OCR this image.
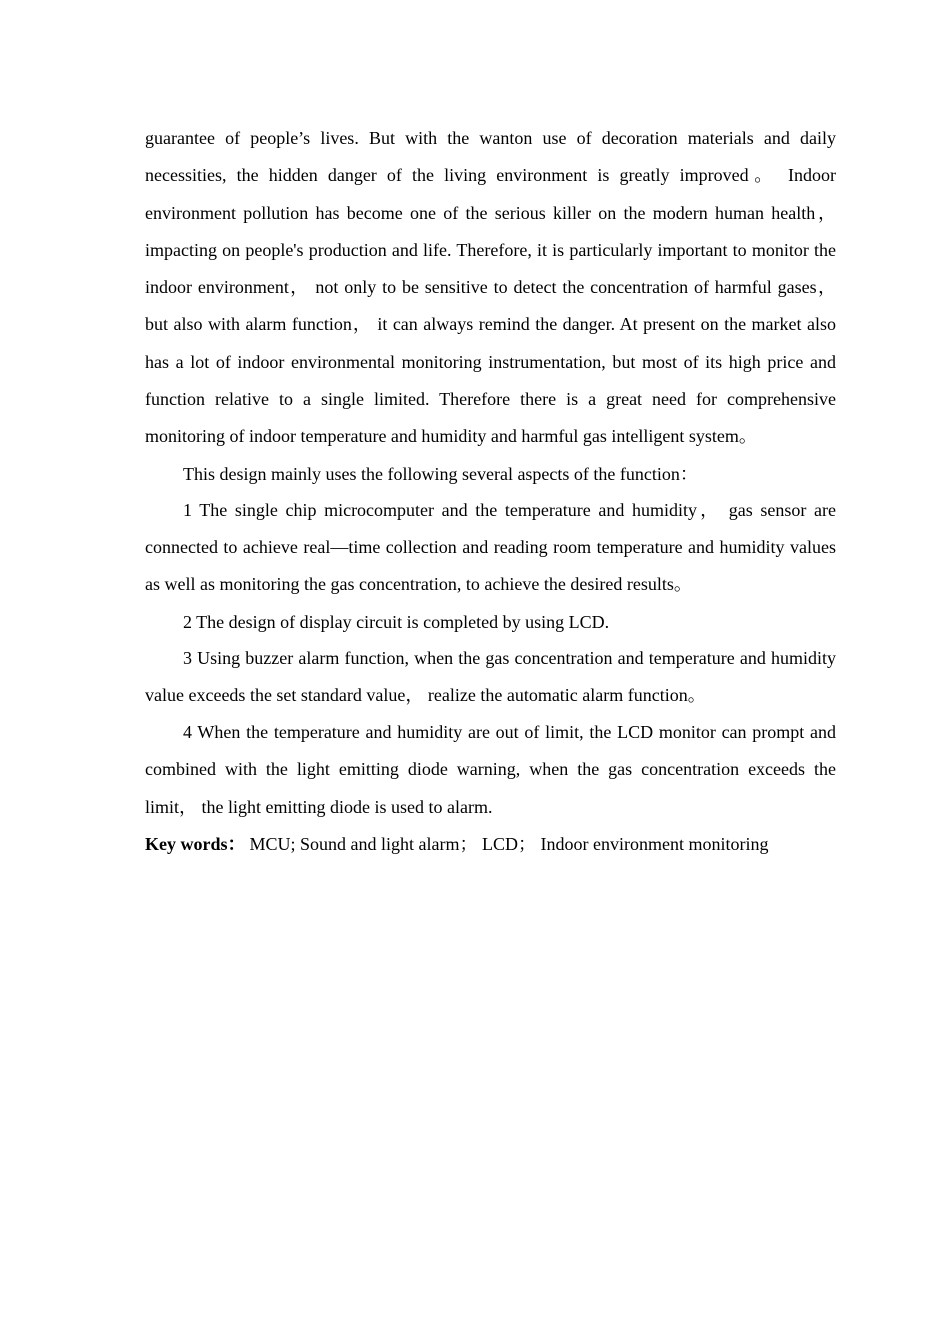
guarantee of people’s lives. But with the wanton use of decoration materials and daily necessities, the hidden danger of the living environment is greatly improved。 Indoor environment pollution has become one of the serious killer on the modern human health， impacting on people's production and life. Therefore, it is particularly important to monitor the indoor environment， not only to be sensitive to detect the concentration of harmful gases， but also with alarm function， it can always remind the danger. At present on the market also has a lot of indoor environmental monitoring instrumentation, but most of its high price and function relative to a single limited. Therefore there is a great need for comprehensive monitoring of indoor temperature and humidity and harmful gas intelligent system。

This design mainly uses the following several aspects of the function：

1 The single chip microcomputer and the temperature and humidity， gas sensor are connected to achieve real—time collection and reading room temperature and humidity values as well as monitoring the gas concentration, to achieve the desired results。

2 The design of display circuit is completed by using LCD.

3 Using buzzer alarm function, when the gas concentration and temperature and humidity value exceeds the set standard value， realize the automatic alarm function。

4 When the temperature and humidity are out of limit, the LCD monitor can prompt and combined with the light emitting diode warning, when the gas concentration exceeds the limit， the light emitting diode is used to alarm.

Key words： MCU; Sound and light alarm； LCD； Indoor environment monitoring
